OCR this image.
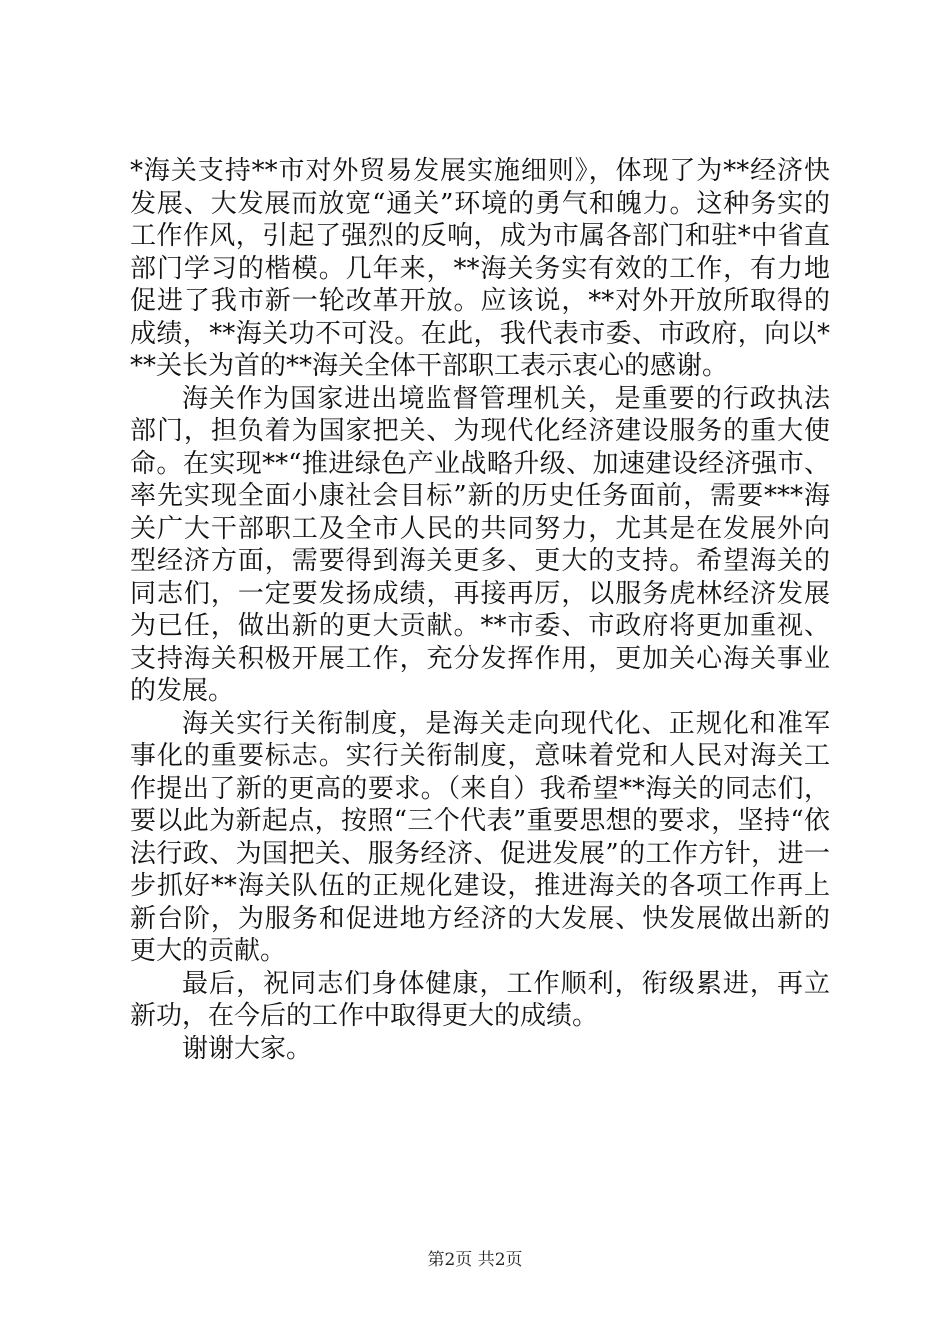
*海关支持**市对外贸易发展实施细则》，体现了为**经济快发展、大发展而放宽“通关”环境的勇气和魄力。这种务实的工作作风，引起了强烈的反响，成为市属各部门和驻*中省直部门学习的楷模。几年来，**海关务实有效的工作，有力地促进了我市新一轮改革开放。应该说，**对外开放所取得的成绩，**海关功不可没。在此，我代表市委、市政府，向以***关长为首的**海关全体干部职工表示衷心的感谢。

海关作为国家进出境监督管理机关，是重要的行政执法部门，担负着为国家把关、为现代化经济建设服务的重大使命。在实现**“推进绿色产业战略升级、加速建设经济强市、率先实现全面小康社会目标”新的历史任务面前，需要***海关广大干部职工及全市人民的共同努力，尤其是在发展外向型经济方面，需要得到海关更多、更大的支持。希望海关的同志们，一定要发扬成绩，再接再厉，以服务虎林经济发展为已任，做出新的更大贡献。**市委、市政府将更加重视、支持海关积极开展工作，充分发挥作用，更加关心海关事业的发展。

海关实行关衔制度，是海关走向现代化、正规化和准军事化的重要标志。实行关衔制度，意味着党和人民对海关工作提出了新的更高的要求。（来自）我希望**海关的同志们，要以此为新起点，按照“三个代表”重要思想的要求，坚持“依法行政、为国把关、服务经济、促进发展”的工作方针，进一步抓好**海关队伍的正规化建设，推进海关的各项工作再上新台阶，为服务和促进地方经济的大发展、快发展做出新的更大的贡献。

最后，祝同志们身体健康，工作顺利，衔级累进，再立新功，在今后的工作中取得更大的成绩。

谢谢大家。

第2页 共2页
